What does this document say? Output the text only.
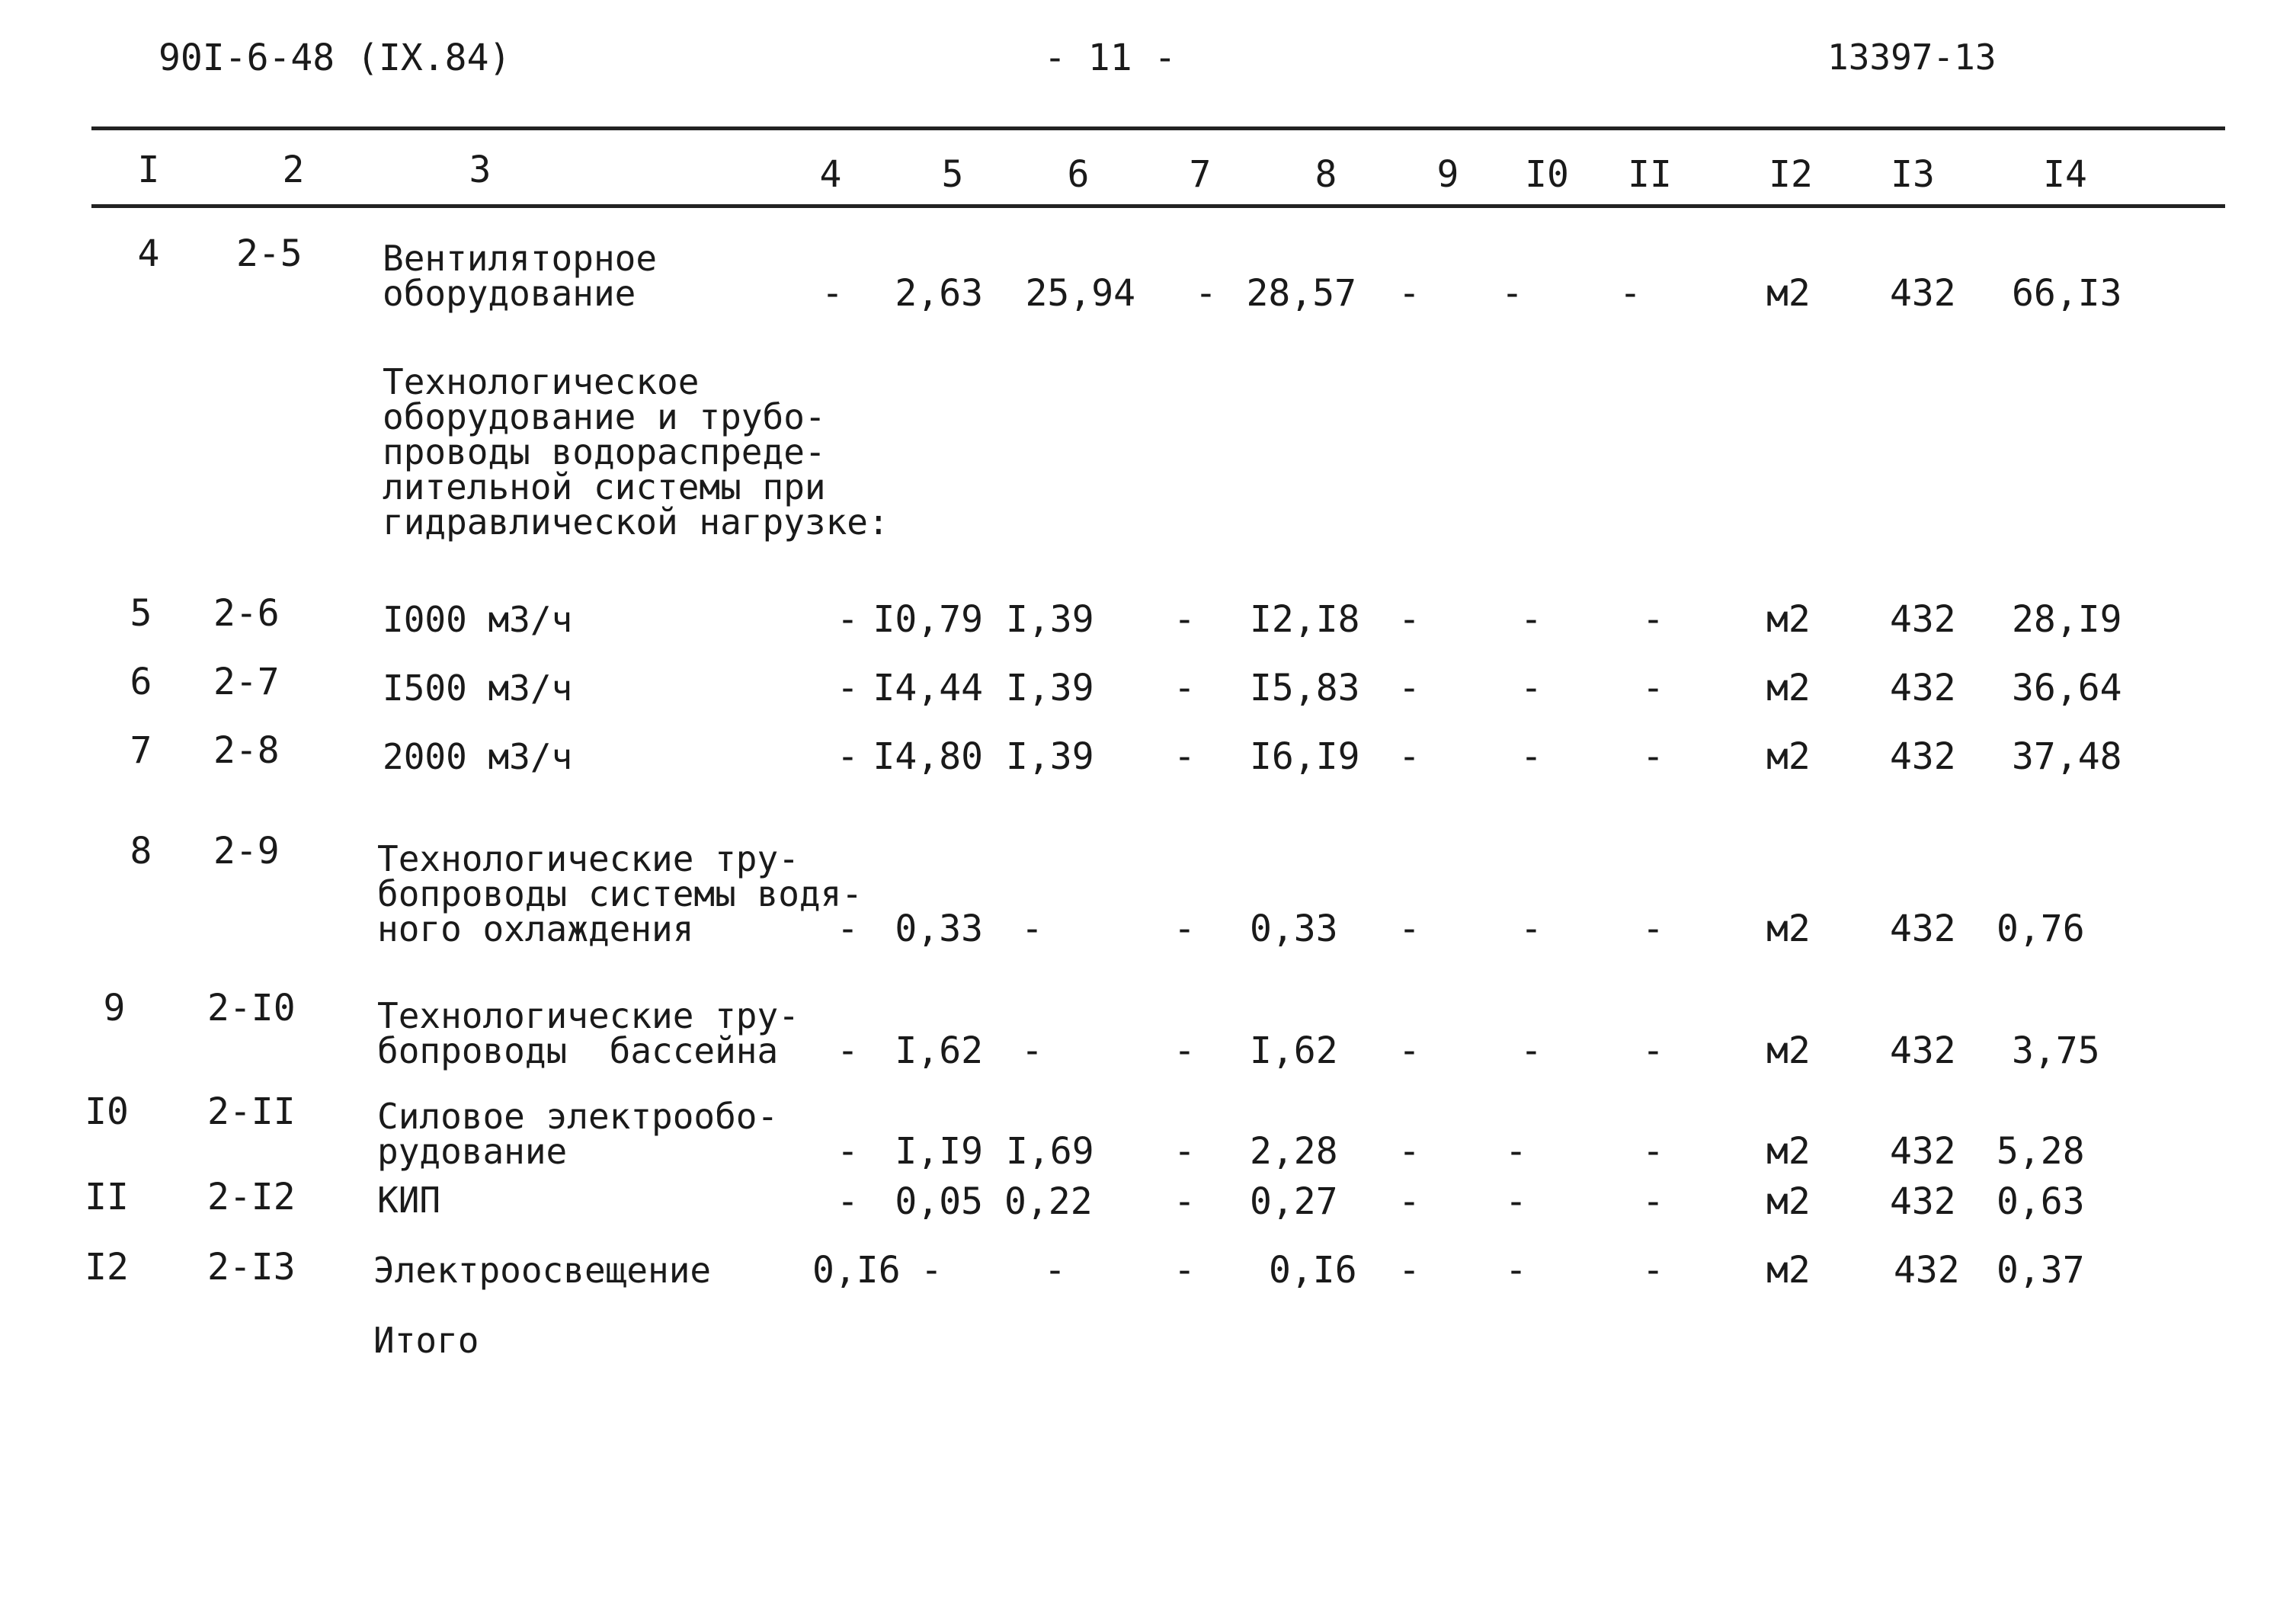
90I-6-48 (IX.84)	- 11 -	13397-13
I	2	3	4	5	6	7	8	9	I0 II	I2 I3	I4
4	2-5 Вентиляторное
оборудование	-	2,63	25,94 - 28,57 - -	-	м2 432 66,I3
Технологическое
оборудование и трубо-
проводы водораспреде-
лительной системы при
гидравлической нагрузке:
5	2-6	I000 м3/ч	- I0,79 I,39 - I2,I8 -	-	-	м2 432 28,I9
6	2-7	I500 м3/ч	- I4,44 I,39 - I5,83 -	-	-	м2 432 36,64
7	2-8	2000 м3/ч	- I4,80 I,39 - I6,I9 -	-	-	м2 432 37,48
8	2-9	Технологические тру-
бопроводы системы водя-
ного охлаждения	- 0,33 -	- 0,33 -	-	-	м2 432 0,76
9	2-I0 Технологические тру-
бопроводы  бассейна	- I,62 -	- I,62 -	-	-	м2 432 3,75
I0 2-II Силовое электрообо-
рудование	- I,I9 I,69 - 2,28 - -	-	м2 432 5,28
II 2-I2 КИП	- 0,05 0,22 - 0,27 - -	-	м2 432 0,63
I2 2-I3 Электроосвещение	0,I6 -	-	- 0,I6 - -	-	м2 432 0,37
Итого
